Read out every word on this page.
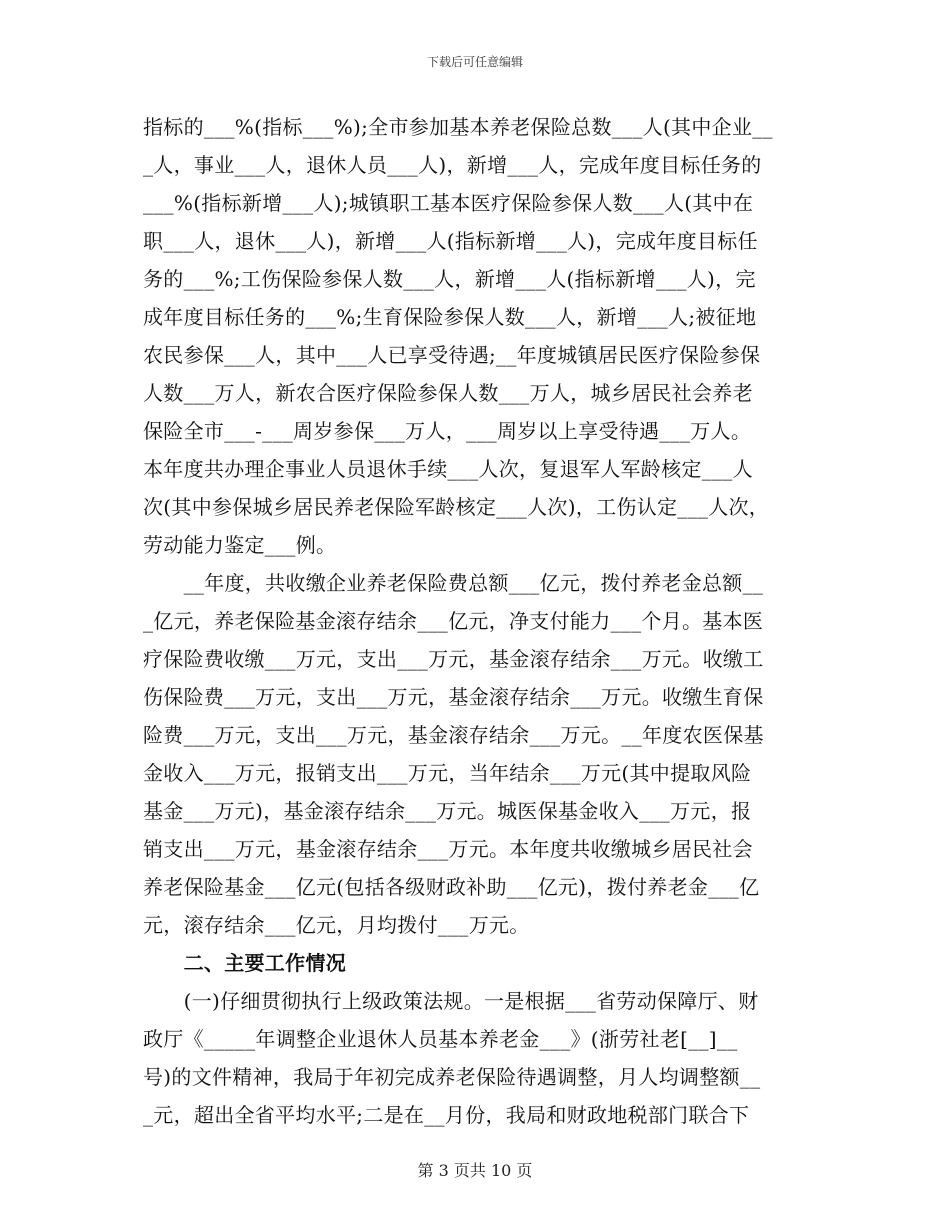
下载后可任意编辑
指标的___%(指标___%);全市参加基本养老保险总数___人(其中企业__
_人，事业___人，退休人员___人)，新增___人，完成年度目标任务的
___%(指标新增___人);城镇职工基本医疗保险参保人数___人(其中在
职___人，退休___人)，新增___人(指标新增___人)，完成年度目标任
务的___%;工伤保险参保人数___人，新增___人(指标新增___人)，完
成年度目标任务的___%;生育保险参保人数___人，新增___人;被征地
农民参保___人，其中___人已享受待遇;__年度城镇居民医疗保险参保
人数___万人，新农合医疗保险参保人数___万人，城乡居民社会养老
保险全市___-___周岁参保___万人，___周岁以上享受待遇___万人。
本年度共办理企事业人员退休手续___人次，复退军人军龄核定___人
次(其中参保城乡居民养老保险军龄核定___人次)，工伤认定___人次，
劳动能力鉴定___例。
　　__年度，共收缴企业养老保险费总额___亿元，拨付养老金总额__
_亿元，养老保险基金滚存结余___亿元，净支付能力___个月。基本医
疗保险费收缴___万元，支出___万元，基金滚存结余___万元。收缴工
伤保险费___万元，支出___万元，基金滚存结余___万元。收缴生育保
险费___万元，支出___万元，基金滚存结余___万元。__年度农医保基
金收入___万元，报销支出___万元，当年结余___万元(其中提取风险
基金___万元)，基金滚存结余___万元。城医保基金收入___万元，报
销支出___万元，基金滚存结余___万元。本年度共收缴城乡居民社会
养老保险基金___亿元(包括各级财政补助___亿元)，拨付养老金___亿
元，滚存结余___亿元，月均拨付___万元。
　　二、主要工作情况
　　(一)仔细贯彻执行上级政策法规。一是根据___省劳动保障厅、财
政厅《_____年调整企业退休人员基本养老金___》(浙劳社老[__]__
号)的文件精神，我局于年初完成养老保险待遇调整，月人均调整额__
_元，超出全省平均水平;二是在__月份，我局和财政地税部门联合下
第 3 页共 10 页
